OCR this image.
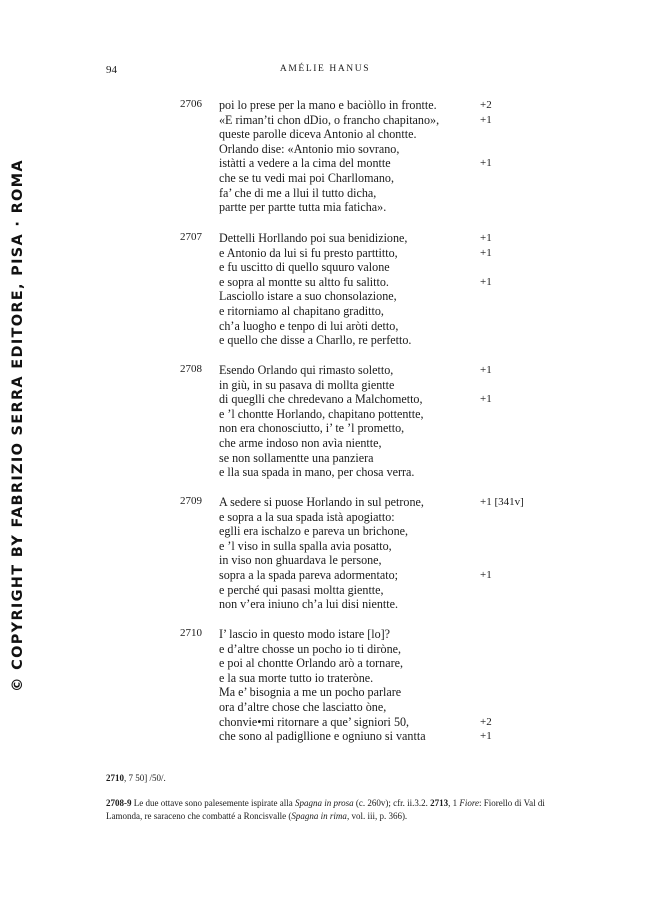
94	AMÉLIE HANUS
© COPYRIGHT BY FABRIZIO SERRA EDITORE, PISA · ROMA
2706 poi lo prese per la mano e baciòllo in frontte.	+2
«E riman’ti chon dDio, o francho chapitano»,	+1
queste parolle diceva Antonio al chontte.
Orlando dise: «Antonio mio sovrano,
istàtti a vedere a la cima del montte	+1
che se tu vedi mai poi Charllomano,
fa’ che di me a llui il tutto dicha,
partte per partte tutta mia faticha».
2707 Dettelli Horllando poi sua benidizione,	+1
e Antonio da lui si fu presto parttitto,	+1
e fu uscitto di quello squuro valone
e sopra al montte su altto fu salitto.	+1
Lasciollo istare a suo chonsolazione,
e ritorniamo al chapitano graditto,
ch’a luogho e tenpo di lui aròti detto,
e quello che disse a Charllo, re perfetto.
2708 Esendo Orlando qui rimasto soletto,	+1
in giù, in su pasava di mollta gientte
di queglli che chredevano a Malchometto,	+1
e ’l chontte Horlando, chapitano pottentte,
non era chonosciutto, i’ te ’l prometto,
che arme indoso non avìa nientte,
se non sollamentte una panziera
e lla sua spada in mano, per chosa verra.
2709 A sedere si puose Horlando in sul petrone,	+1 [341v]
e sopra a la sua spada istà apogiatto:
eglli era ischalzo e pareva un brichone,
e ’l viso in sulla spalla avia posatto,
in viso non ghuardava le persone,
sopra a la spada pareva adormentato;	+1
e perché qui pasasi moltta gientte,
non v’era iniuno ch’a lui disi nientte.
2710 I’ lascio in questo modo istare [lo]?
e d’altre chosse un pocho io ti diròne,
e poi al chontte Orlando arò a tornare,
e la sua morte tutto io trateròne.
Ma e’ bisognia a me un pocho parlare
ora d’altre chose che lasciatto òne,
chonvie•mi ritornare a que’ signiori 50,	+2
che sono al padigllione e ogniuno si vantta	+1
2710, 7 50] /50/.
2708-9 Le due ottave sono palesemente ispirate alla Spagna in prosa (c. 260v); cfr. ii.3.2. 2713, 1 Fiore: Fiorello di Val di Lamonda, re saraceno che combatté a Roncisvalle (Spagna in rima, vol. iii, p. 366).
